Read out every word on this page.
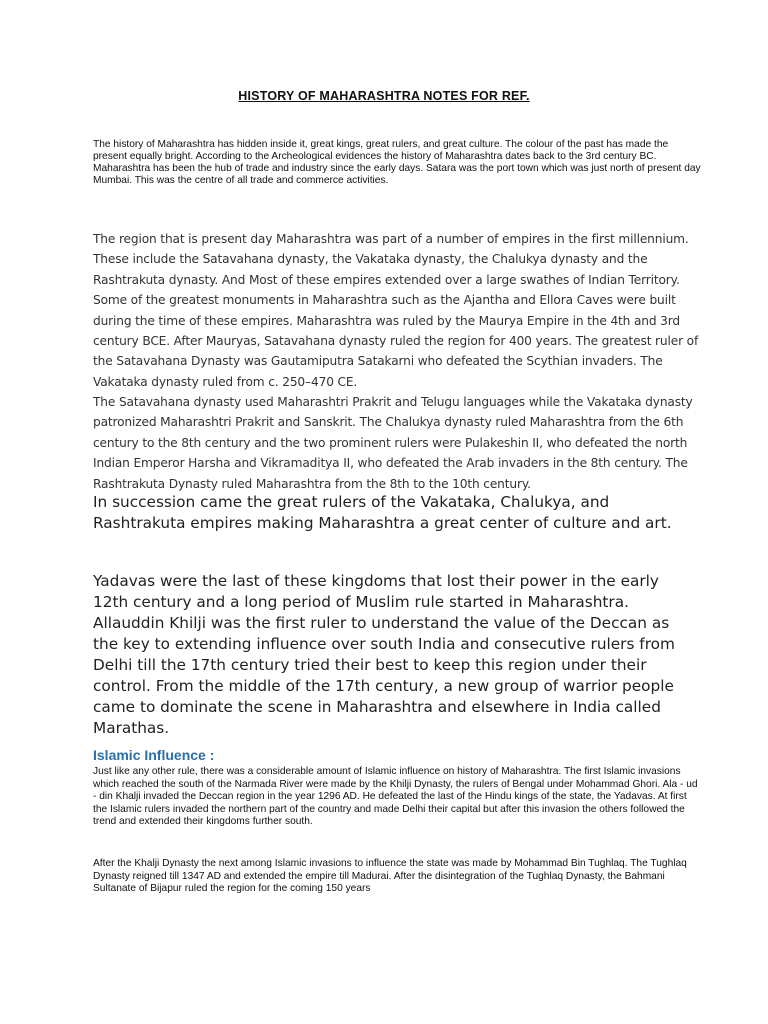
HISTORY OF MAHARASHTRA NOTES FOR REF.

The history of Maharashtra has hidden inside it, great kings, great rulers, and great culture. The colour of the past has made the present equally bright. According to the Archeological evidences the history of Maharashtra dates back to the 3rd century BC. Maharashtra has been the hub of trade and industry since the early days. Satara was the port town which was just north of present day Mumbai. This was the centre of all trade and commerce activities.

The region that is present day Maharashtra was part of a number of empires in the first millennium. These include the Satavahana dynasty, the Vakataka dynasty, the Chalukya dynasty and the Rashtrakuta dynasty. And Most of these empires extended over a large swathes of Indian Territory. Some of the greatest monuments in Maharashtra such as the Ajantha and Ellora Caves were built during the time of these empires. Maharashtra was ruled by the Maurya Empire in the 4th and 3rd century BCE. After Mauryas, Satavahana dynasty ruled the region for 400 years. The greatest ruler of the Satavahana Dynasty was Gautamiputra Satakarni who defeated the Scythian invaders. The Vakataka dynasty ruled from c. 250–470 CE.

The Satavahana dynasty used Maharashtri Prakrit and Telugu languages while the Vakataka dynasty patronized Maharashtri Prakrit and Sanskrit. The Chalukya dynasty ruled Maharashtra from the 6th century to the 8th century and the two prominent rulers were Pulakeshin II, who defeated the north Indian Emperor Harsha and Vikramaditya II, who defeated the Arab invaders in the 8th century. The Rashtrakuta Dynasty ruled Maharashtra from the 8th to the 10th century.

In succession came the great rulers of the Vakataka, Chalukya, and Rashtrakuta empires making Maharashtra a great center of culture and art.

Yadavas were the last of these kingdoms that lost their power in the early 12th century and a long period of Muslim rule started in Maharashtra. Allauddin Khilji was the first ruler to understand the value of the Deccan as the key to extending influence over south India and consecutive rulers from Delhi till the 17th century tried their best to keep this region under their control. From the middle of the 17th century, a new group of warrior people came to dominate the scene in Maharashtra and elsewhere in India called Marathas.

Islamic Influence :

Just like any other rule, there was a considerable amount of Islamic influence on history of Maharashtra. The first Islamic invasions which reached the south of the Narmada River were made by the Khilji Dynasty, the rulers of Bengal under Mohammad Ghori. Ala - ud - din Khalji invaded the Deccan region in the year 1296 AD. He defeated the last of the Hindu kings of the state, the Yadavas. At first the Islamic rulers invaded the northern part of the country and made Delhi their capital but after this invasion the others followed the trend and extended their kingdoms further south.

After the Khalji Dynasty the next among Islamic invasions to influence the state was made by Mohammad Bin Tughlaq. The Tughlaq Dynasty reigned till 1347 AD and extended the empire till Madurai. After the disintegration of the Tughlaq Dynasty, the Bahmani Sultanate of Bijapur ruled the region for the coming 150 years
